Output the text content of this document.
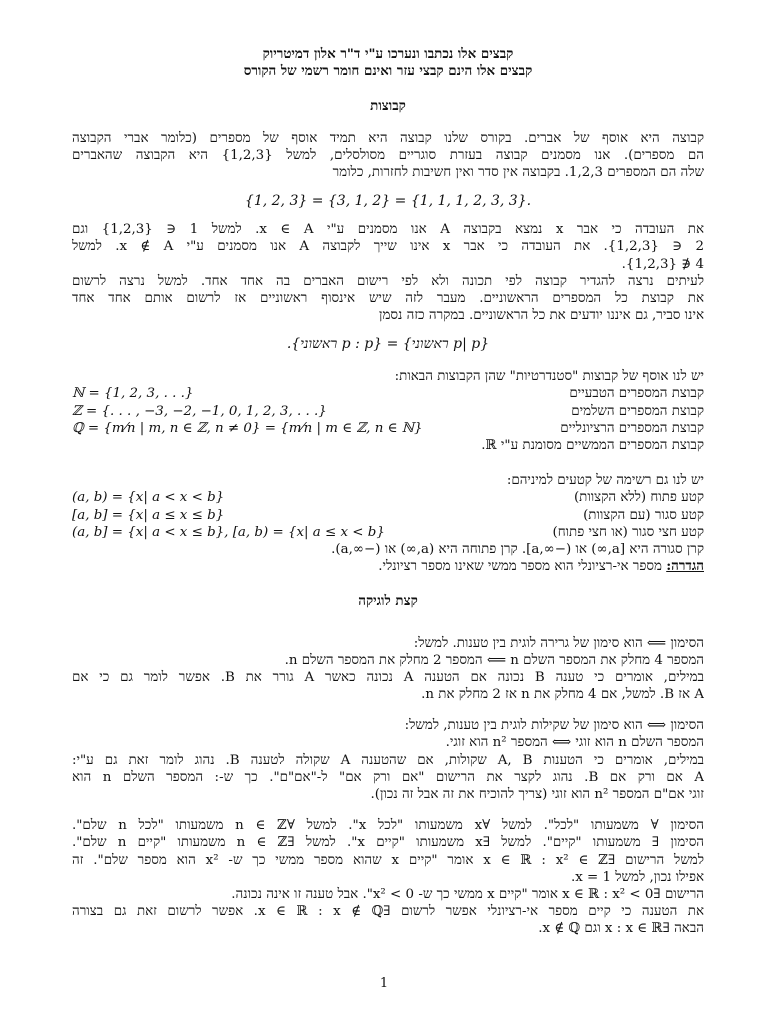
קבצים אלו נכתבו ונערכו ע"י ד"ר אלון דמיטריוק
קבצים אלו הינם קבצי עזר ואינם חומר רשמי של הקורס
קבוצות
קבוצה היא אוסף של אברים. בקורס שלנו קבוצה היא תמיד אוסף של מספרים (כלומר אברי הקבוצה
הם מספרים). אנו מסמנים קבוצה בעזרת סוגריים מסולסלים, למשל {1,2,3} היא הקבוצה שהאברים
שלה הם המספרים 1,2,3. בקבוצה אין סדר ואין חשיבות לחזרות, כלומר
{1, 2, 3} = {3, 1, 2} = {1, 1, 1, 2, 3, 3}.
את העובדה כי אבר x נמצא בקבוצה A אנו מסמנים ע"י x ∈ A. למשל 1 ∈ {1,2,3} וגם
2 ∈ {1,2,3}. את העובדה כי אבר x אינו שייך לקבוצה A אנו מסמנים ע"י x ∉ A. למשל
4 ∉ {1,2,3}.
לעיתים נרצה להגדיר קבוצה לפי תכונה ולא לפי רישום האברים בה אחד אחד. למשל נרצה לרשום
את קבוצת כל המספרים הראשוניים. מעבר לזה שיש אינסוף ראשוניים אז לרשום אותם אחד אחד
אינו סביר, גם איננו יודעים את כל הראשוניים. במקרה כזה נסמן
{p| p ראשוני} = {p : p ראשוני}.
יש לנו אוסף של קבוצות "סטנדרטיות" שהן הקבוצות הבאות:
קבוצת המספרים הטבעיים
ℕ = {1, 2, 3, . . .}
קבוצת המספרים השלמים
ℤ = {. . . , −3, −2, −1, 0, 1, 2, 3, . . .}
קבוצת המספרים הרציונליים
ℚ = {m⁄n | m, n ∈ ℤ, n ≠ 0} = {m⁄n | m ∈ ℤ, n ∈ ℕ}
קבוצת המספרים הממשיים מסומנת ע"י ℝ.
יש לנו גם רשימה של קטעים למיניהם:
קטע פתוח (ללא הקצוות)
(a, b) = {x| a < x < b}
קטע סגור (עם הקצוות)
[a, b] = {x| a ≤ x ≤ b}
קטע חצי סגור (או חצי פתוח)
(a, b] = {x| a < x ≤ b}, [a, b) = {x| a ≤ x < b}
קרן סגורה היא [a,∞) או (−∞,a]. קרן פתוחה היא (a,∞) או (−∞,a).
הגדרה: מספר אי-רציונלי הוא מספר ממשי שאינו מספר רציונלי.
קצת לוגיקה
הסימון ⟸ הוא סימון של גרירה לוגית בין טענות. למשל:
המספר 4 מחלק את המספר השלם n ⟸ המספר 2 מחלק את המספר השלם n.
במילים, אומרים כי טענה B נכונה אם הטענה A נכונה כאשר A גורר את B. אפשר לומר גם כי אם
A אז B. למשל, אם 4 מחלק את n אז 2 מחלק את n.
הסימון ⟺ הוא סימון של שקילות לוגית בין טענות, למשל:
המספר השלם n הוא זוגי ⟺ המספר n² הוא זוגי.
במילים, אומרים כי הטענות A, B שקולות, אם שהטענה A שקולה לטענה B. נהוג לומר זאת גם ע"י:
A אם ורק אם B. נהוג לקצר את הרישום "אם ורק אם" ל-"אם"ם". כך ש-: המספר השלם n הוא
זוגי אם"ם המספר n² הוא זוגי (צריך להוכיח את זה אבל זה נכון).
הסימון ∀ משמעותו "לכל". למשל ∀x משמעותו "לכל x". למשל ∀n ∈ ℤ משמעותו "לכל n שלם".
הסימון ∃ משמעותו "קיים". למשל ∃x משמעותו "קיים x". למשל ∃n ∈ ℤ משמעותו "קיים n שלם".
למשל הרישום ∃x ∈ ℝ : x² ∈ ℤ אומר "קיים x שהוא מספר ממשי כך ש- x² הוא מספר שלם". זה
אפילו נכון, למשל x = 1.
הרישום ∃x ∈ ℝ : x² < 0 אומר "קיים x ממשי כך ש- x² < 0". אבל טענה זו אינה נכונה.
את הטענה כי קיים מספר אי-רציונלי אפשר לרשום ∃x ∈ ℝ : x ∉ ℚ. אפשר לרשום זאת גם בצורה
הבאה ∃x : x ∈ ℝ וגם x ∉ ℚ.
1
